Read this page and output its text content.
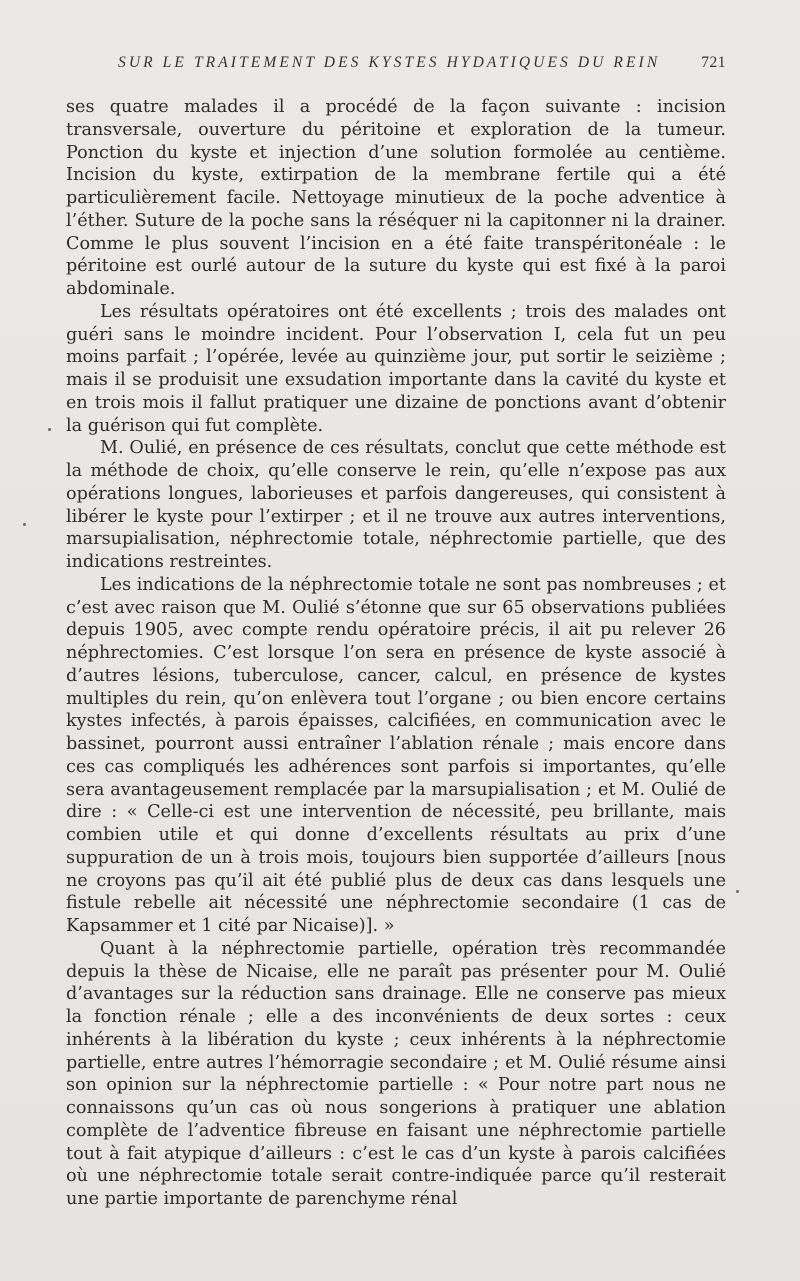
SUR LE TRAITEMENT DES KYSTES HYDATIQUES DU REIN	721

ses quatre malades il a procédé de la façon suivante : incision transversale, ouverture du péritoine et exploration de la tumeur. Ponction du kyste et injection d’une solution formolée au centième. Incision du kyste, extirpation de la membrane fertile qui a été particulièrement facile. Nettoyage minutieux de la poche adventice à l’éther. Suture de la poche sans la réséquer ni la capitonner ni la drainer. Comme le plus souvent l’incision en a été faite transpéritonéale : le péritoine est ourlé autour de la suture du kyste qui est fixé à la paroi abdominale.

Les résultats opératoires ont été excellents ; trois des malades ont guéri sans le moindre incident. Pour l’observation I, cela fut un peu moins parfait ; l’opérée, levée au quinzième jour, put sortir le seizième ; mais il se produisit une exsudation importante dans la cavité du kyste et en trois mois il fallut pratiquer une dizaine de ponctions avant d’obtenir la guérison qui fut complète.

M. Oulié, en présence de ces résultats, conclut que cette méthode est la méthode de choix, qu’elle conserve le rein, qu’elle n’expose pas aux opérations longues, laborieuses et parfois dangereuses, qui consistent à libérer le kyste pour l’extirper ; et il ne trouve aux autres interventions, marsupialisation, néphrectomie totale, néphrectomie partielle, que des indications restreintes.

Les indications de la néphrectomie totale ne sont pas nombreuses ; et c’est avec raison que M. Oulié s’étonne que sur 65 observations publiées depuis 1905, avec compte rendu opératoire précis, il ait pu relever 26 néphrectomies. C’est lorsque l’on sera en présence de kyste associé à d’autres lésions, tuberculose, cancer, calcul, en présence de kystes multiples du rein, qu’on enlèvera tout l’organe ; ou bien encore certains kystes infectés, à parois épaisses, calcifiées, en communication avec le bassinet, pourront aussi entraîner l’ablation rénale ; mais encore dans ces cas compliqués les adhérences sont parfois si importantes, qu’elle sera avantageusement remplacée par la marsupialisation ; et M. Oulié de dire : « Celle-ci est une intervention de nécessité, peu brillante, mais combien utile et qui donne d’excellents résultats au prix d’une suppuration de un à trois mois, toujours bien supportée d’ailleurs [nous ne croyons pas qu’il ait été publié plus de deux cas dans lesquels une fistule rebelle ait nécessité une néphrectomie secondaire (1 cas de Kapsammer et 1 cité par Nicaise)]. »

Quant à la néphrectomie partielle, opération très recommandée depuis la thèse de Nicaise, elle ne paraît pas présenter pour M. Oulié d’avantages sur la réduction sans drainage. Elle ne conserve pas mieux la fonction rénale ; elle a des inconvénients de deux sortes : ceux inhérents à la libération du kyste ; ceux inhérents à la néphrectomie partielle, entre autres l’hémorragie secondaire ; et M. Oulié résume ainsi son opinion sur la néphrectomie partielle : « Pour notre part nous ne connaissons qu’un cas où nous songerions à pratiquer une ablation complète de l’adventice fibreuse en faisant une néphrectomie partielle tout à fait atypique d’ailleurs : c’est le cas d’un kyste à parois calcifiées où une néphrectomie totale serait contre-indiquée parce qu’il resterait une partie importante de parenchyme rénal
